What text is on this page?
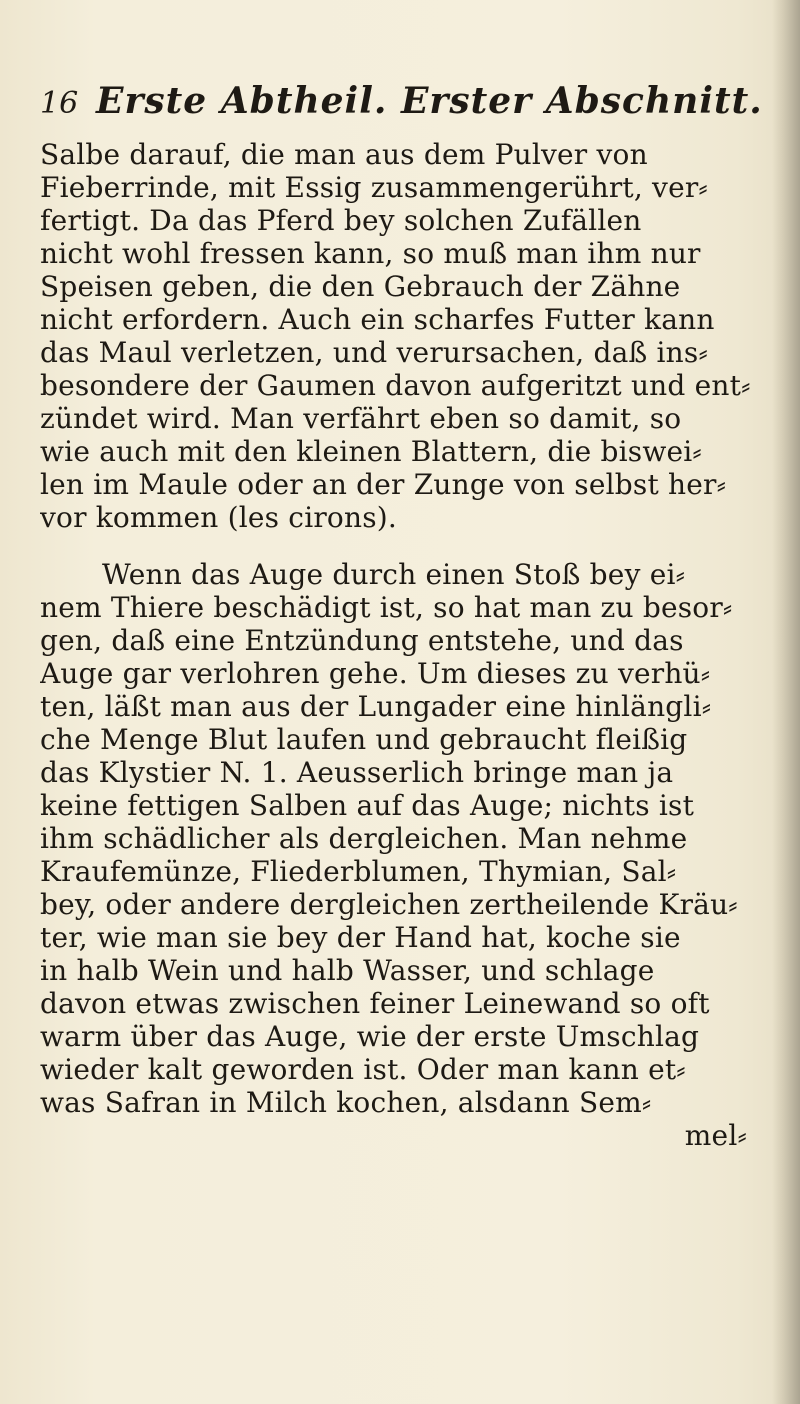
16 Erste Abtheil. Erster Abschnitt.
Salbe darauf, die man aus dem Pulver von
Fieberrinde, mit Essig zusammengerührt, ver⸗
fertigt. Da das Pferd bey solchen Zufällen
nicht wohl fressen kann, so muß man ihm nur
Speisen geben, die den Gebrauch der Zähne
nicht erfordern. Auch ein scharfes Futter kann
das Maul verletzen, und verursachen, daß ins⸗
besondere der Gaumen davon aufgeritzt und ent⸗
zündet wird. Man verfährt eben so damit, so
wie auch mit den kleinen Blattern, die biswei⸗
len im Maule oder an der Zunge von selbst her⸗
vor kommen (les cirons).
Wenn das Auge durch einen Stoß bey ei⸗
nem Thiere beschädigt ist, so hat man zu besor⸗
gen, daß eine Entzündung entstehe, und das
Auge gar verlohren gehe. Um dieses zu verhü⸗
ten, läßt man aus der Lungader eine hinlängli⸗
che Menge Blut laufen und gebraucht fleißig
das Klystier N. 1. Aeusserlich bringe man ja
keine fettigen Salben auf das Auge; nichts ist
ihm schädlicher als dergleichen. Man nehme
Kraufemünze, Fliederblumen, Thymian, Sal⸗
bey, oder andere dergleichen zertheilende Kräu⸗
ter, wie man sie bey der Hand hat, koche sie
in halb Wein und halb Wasser, und schlage
davon etwas zwischen feiner Leinewand so oft
warm über das Auge, wie der erste Umschlag
wieder kalt geworden ist. Oder man kann et⸗
was Safran in Milch kochen, alsdann Sem⸗
mel⸗
